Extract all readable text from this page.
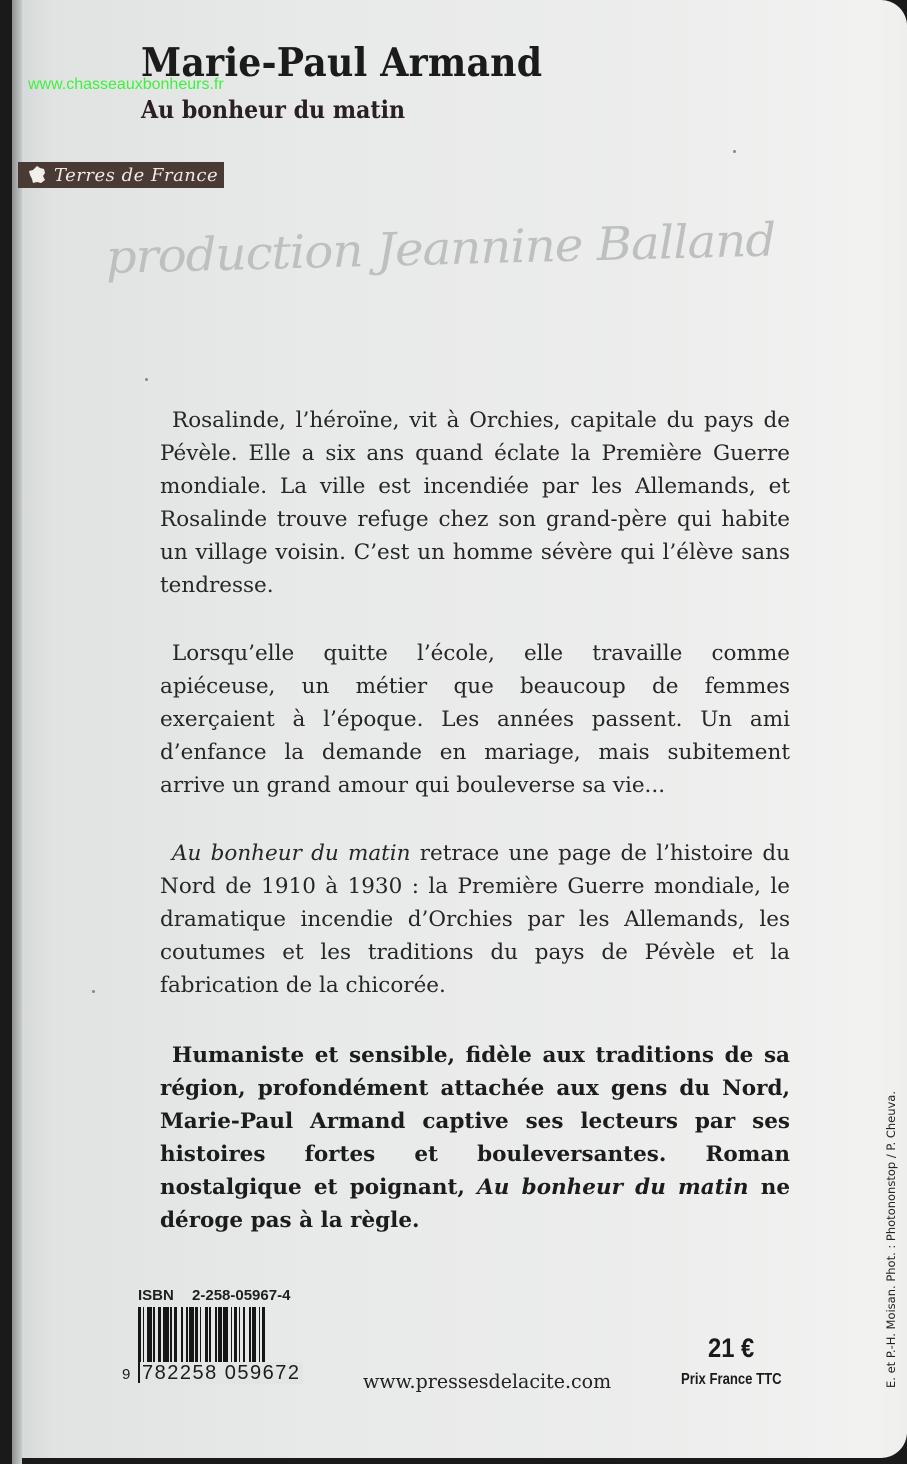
Marie-Paul Armand
www.chasseauxbonheurs.fr
Au bonheur du matin
Terres de France
production Jeannine Balland

Rosalinde, l’héroïne, vit à Orchies, capitale du pays de Pévèle. Elle a six ans quand éclate la Première Guerre mondiale. La ville est incendiée par les Allemands, et Rosalinde trouve refuge chez son grand-père qui habite un village voisin. C’est un homme sévère qui l’élève sans tendresse.

Lorsqu’elle quitte l’école, elle travaille comme apiéceuse, un métier que beaucoup de femmes exerçaient à l’époque. Les années passent. Un ami d’enfance la demande en mariage, mais subitement arrive un grand amour qui bouleverse sa vie...

Au bonheur du matin retrace une page de l’histoire du Nord de 1910 à 1930 : la Première Guerre mondiale, le dramatique incendie d’Orchies par les Allemands, les coutumes et les traditions du pays de Pévèle et la fabrication de la chicorée.

Humaniste et sensible, fidèle aux traditions de sa région, profondément attachée aux gens du Nord, Marie-Paul Armand captive ses lecteurs par ses histoires fortes et bouleversantes. Roman nostalgique et poignant, Au bonheur du matin ne déroge pas à la règle.

ISBN 2-258-05967-4
9 782258 059672	www.pressesdelacite.com
21 €
Prix France TTC	E. et P.-H. Moisan. Phot. : Photononstop / P. Cheuva.
